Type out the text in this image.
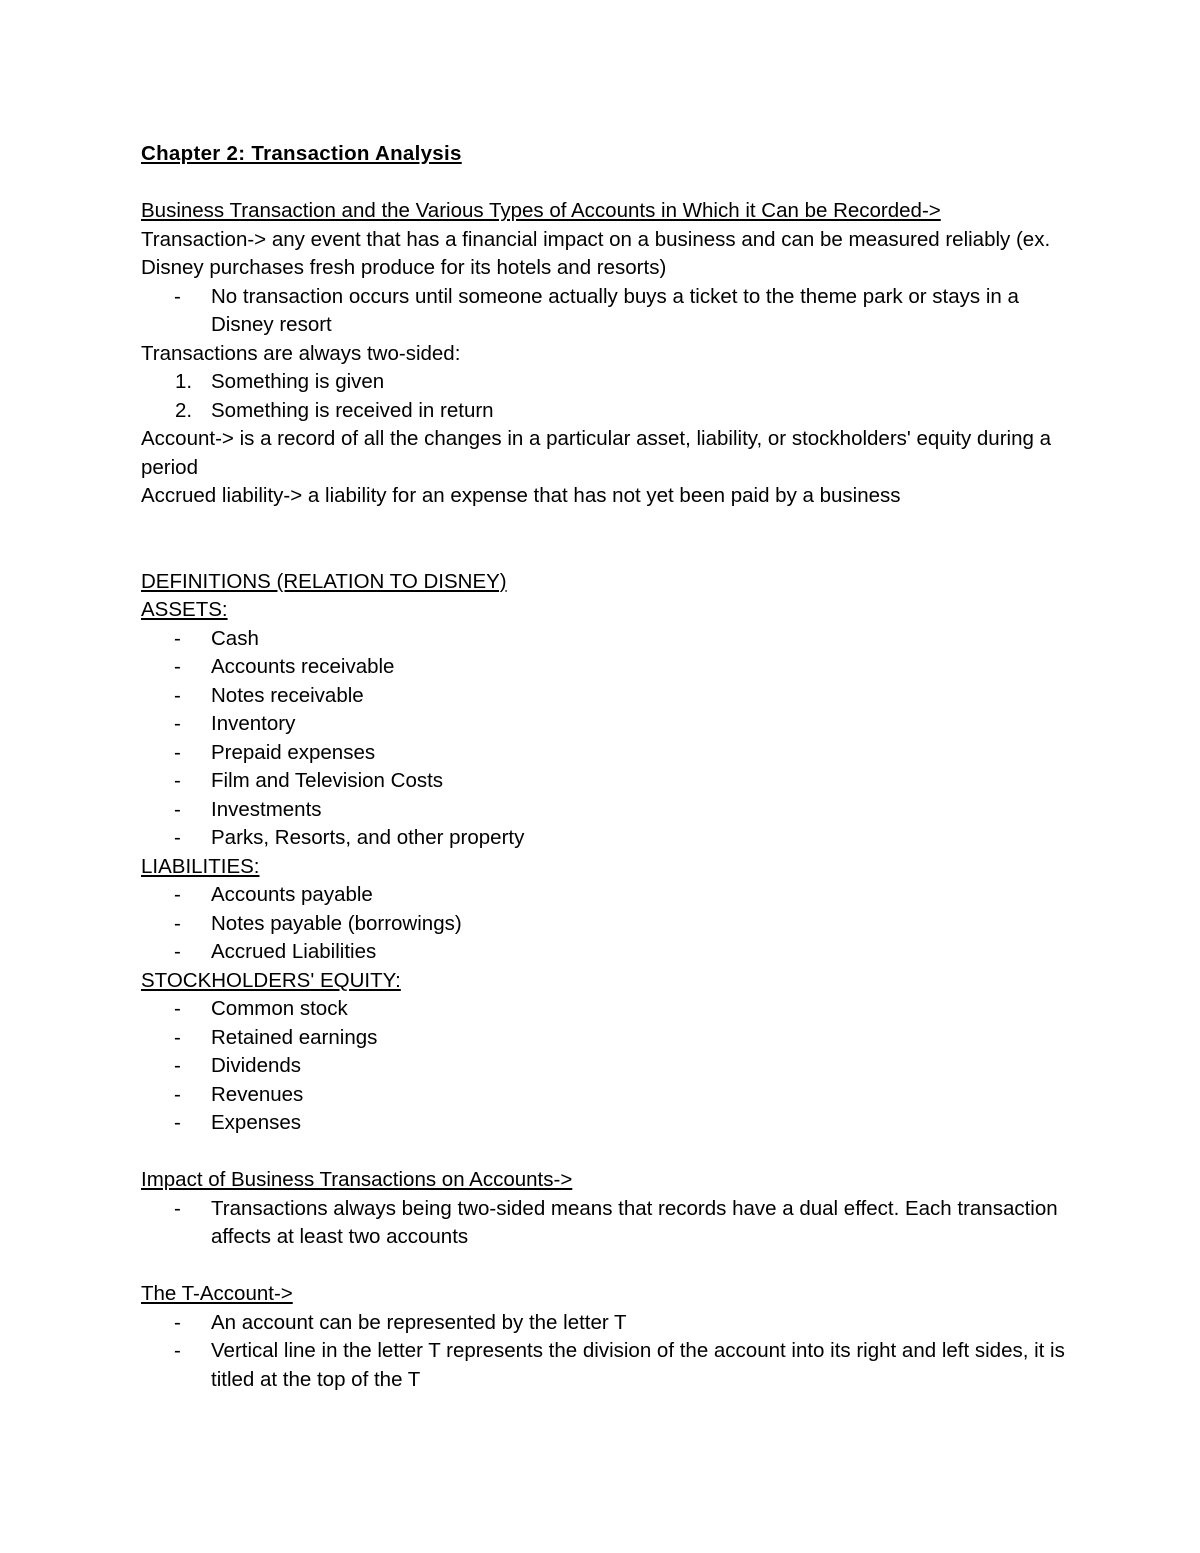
Chapter 2: Transaction Analysis
Business Transaction and the Various Types of Accounts in Which it Can be Recorded->
Transaction-> any event that has a financial impact on a business and can be measured reliably (ex. Disney purchases fresh produce for its hotels and resorts)
- No transaction occurs until someone actually buys a ticket to the theme park or stays in a Disney resort
Transactions are always two-sided:
1. Something is given
2. Something is received in return
Account-> is a record of all the changes in a particular asset, liability, or stockholders' equity during a period
Accrued liability-> a liability for an expense that has not yet been paid by a business
DEFINITIONS (RELATION TO DISNEY)
ASSETS:
- Cash
- Accounts receivable
- Notes receivable
- Inventory
- Prepaid expenses
- Film and Television Costs
- Investments
- Parks, Resorts, and other property
LIABILITIES:
- Accounts payable
- Notes payable (borrowings)
- Accrued Liabilities
STOCKHOLDERS' EQUITY:
- Common stock
- Retained earnings
- Dividends
- Revenues
- Expenses
Impact of Business Transactions on Accounts->
- Transactions always being two-sided means that records have a dual effect. Each transaction affects at least two accounts
The T-Account->
- An account can be represented by the letter T
- Vertical line in the letter T represents the division of the account into its right and left sides, it is titled at the top of the T
